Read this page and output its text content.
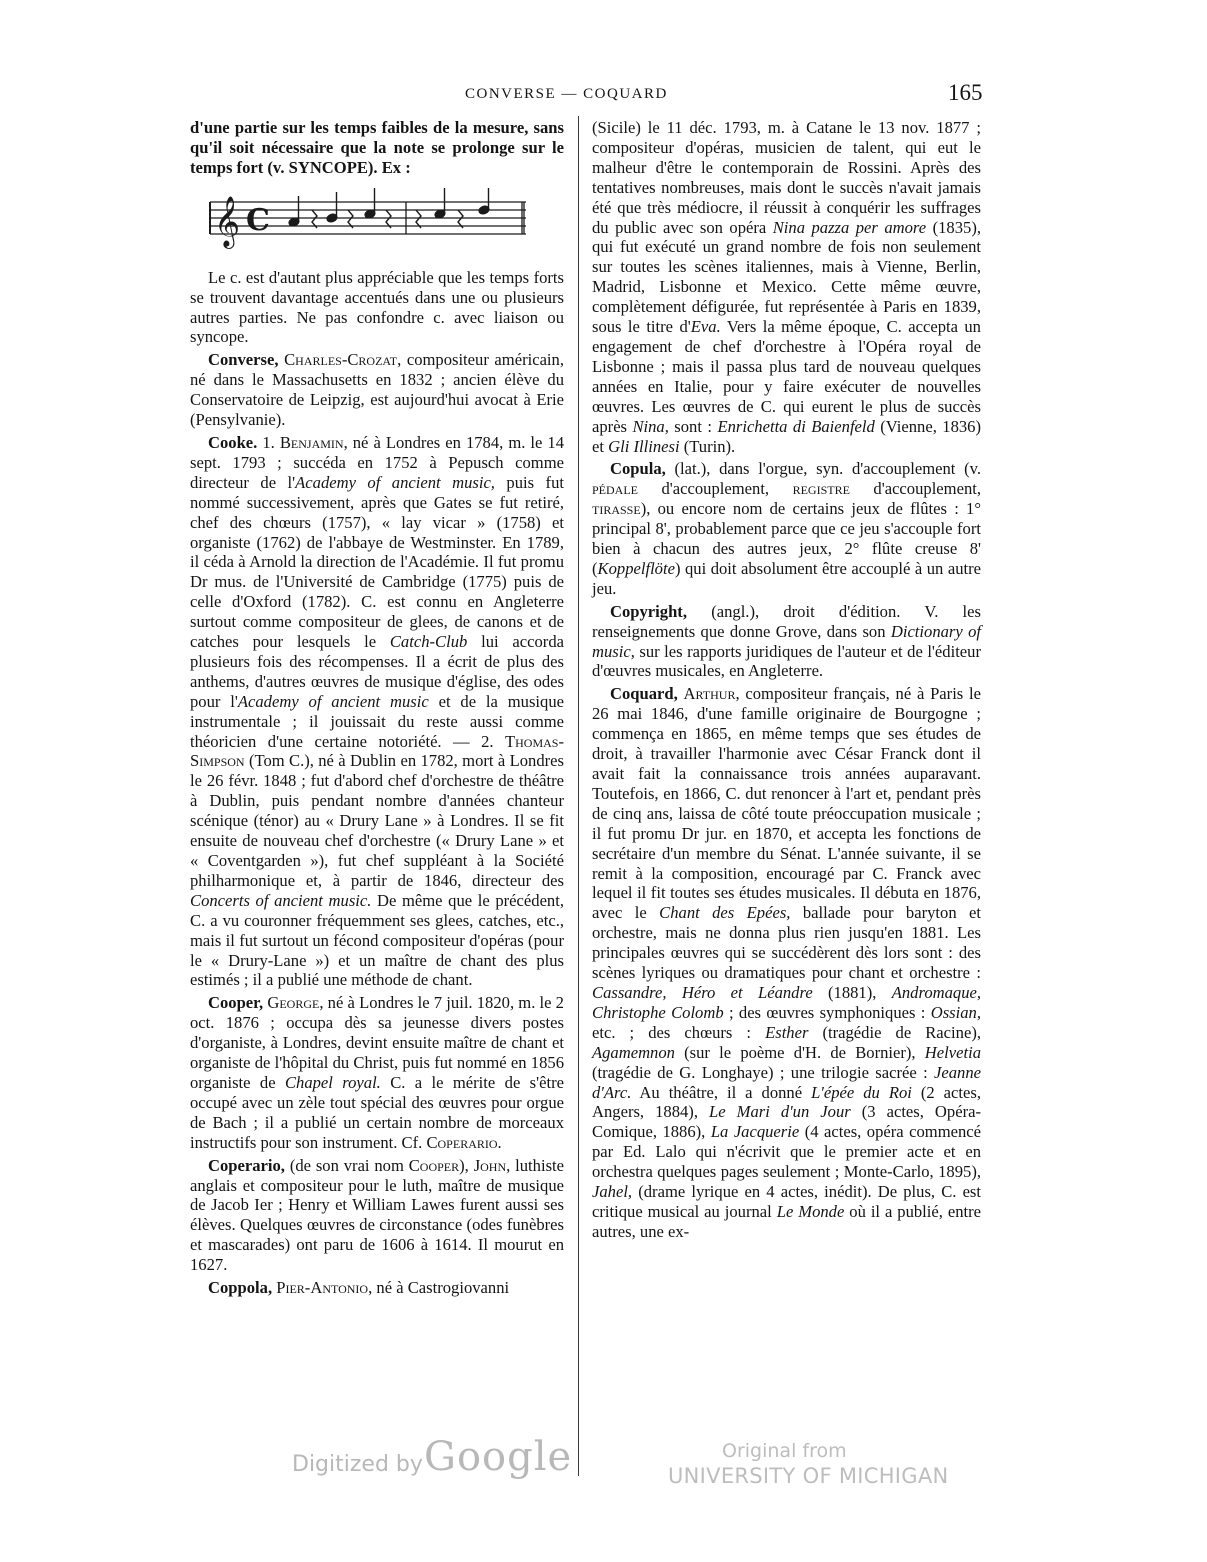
CONVERSE — COQUARD	165

d'une partie sur les temps faibles de la mesure, sans qu'il soit nécessaire que la note se prolonge sur le temps fort (v. SYNCOPE). Ex :

𝄞 C

Le c. est d'autant plus appréciable que les temps forts se trouvent davantage accentués dans une ou plusieurs autres parties. Ne pas confondre c. avec liaison ou syncope.

Converse, Charles-Crozat, compositeur américain, né dans le Massachusetts en 1832 ; ancien élève du Conservatoire de Leipzig, est aujourd'hui avocat à Erie (Pensylvanie).

Cooke. 1. Benjamin, né à Londres en 1784, m. le 14 sept. 1793 ; succéda en 1752 à Pepusch comme directeur de l'Academy of ancient music, puis fut nommé successivement, après que Gates se fut retiré, chef des chœurs (1757), « lay vicar » (1758) et organiste (1762) de l'abbaye de Westminster. En 1789, il céda à Arnold la direction de l'Académie. Il fut promu Dr mus. de l'Université de Cambridge (1775) puis de celle d'Oxford (1782). C. est connu en Angleterre surtout comme compositeur de glees, de canons et de catches pour lesquels le Catch-Club lui accorda plusieurs fois des récompenses. Il a écrit de plus des anthems, d'autres œuvres de musique d'église, des odes pour l'Academy of ancient music et de la musique instrumentale ; il jouissait du reste aussi comme théoricien d'une certaine notoriété. — 2. Thomas-Simpson (Tom C.), né à Dublin en 1782, mort à Londres le 26 févr. 1848 ; fut d'abord chef d'orchestre de théâtre à Dublin, puis pendant nombre d'années chanteur scénique (ténor) au « Drury Lane » à Londres. Il se fit ensuite de nouveau chef d'orchestre (« Drury Lane » et « Coventgarden »), fut chef suppléant à la Société philharmonique et, à partir de 1846, directeur des Concerts of ancient music. De même que le précédent, C. a vu couronner fréquemment ses glees, catches, etc., mais il fut surtout un fécond compositeur d'opéras (pour le « Drury-Lane ») et un maître de chant des plus estimés ; il a publié une méthode de chant.

Cooper, George, né à Londres le 7 juil. 1820, m. le 2 oct. 1876 ; occupa dès sa jeunesse divers postes d'organiste, à Londres, devint ensuite maître de chant et organiste de l'hôpital du Christ, puis fut nommé en 1856 organiste de Chapel royal. C. a le mérite de s'être occupé avec un zèle tout spécial des œuvres pour orgue de Bach ; il a publié un certain nombre de morceaux instructifs pour son instrument. Cf. Coperario.

Coperario, (de son vrai nom Cooper), John, luthiste anglais et compositeur pour le luth, maître de musique de Jacob Ier ; Henry et William Lawes furent aussi ses élèves. Quelques œuvres de circonstance (odes funèbres et mascarades) ont paru de 1606 à 1614. Il mourut en 1627.

Coppola, Pier-Antonio, né à Castrogiovanni

(Sicile) le 11 déc. 1793, m. à Catane le 13 nov. 1877 ; compositeur d'opéras, musicien de talent, qui eut le malheur d'être le contemporain de Rossini. Après des tentatives nombreuses, mais dont le succès n'avait jamais été que très médiocre, il réussit à conquérir les suffrages du public avec son opéra Nina pazza per amore (1835), qui fut exécuté un grand nombre de fois non seulement sur toutes les scènes italiennes, mais à Vienne, Berlin, Madrid, Lisbonne et Mexico. Cette même œuvre, complètement défigurée, fut représentée à Paris en 1839, sous le titre d'Eva. Vers la même époque, C. accepta un engagement de chef d'orchestre à l'Opéra royal de Lisbonne ; mais il passa plus tard de nouveau quelques années en Italie, pour y faire exécuter de nouvelles œuvres. Les œuvres de C. qui eurent le plus de succès après Nina, sont : Enrichetta di Baienfeld (Vienne, 1836) et Gli Illinesi (Turin).

Copula, (lat.), dans l'orgue, syn. d'accouplement (v. pédale d'accouplement, registre d'accouplement, tirasse), ou encore nom de certains jeux de flûtes : 1° principal 8', probablement parce que ce jeu s'accouple fort bien à chacun des autres jeux, 2° flûte creuse 8' (Koppelflöte) qui doit absolument être accouplé à un autre jeu.

Copyright, (angl.), droit d'édition. V. les renseignements que donne Grove, dans son Dictionary of music, sur les rapports juridiques de l'auteur et de l'éditeur d'œuvres musicales, en Angleterre.

Coquard, Arthur, compositeur français, né à Paris le 26 mai 1846, d'une famille originaire de Bourgogne ; commença en 1865, en même temps que ses études de droit, à travailler l'harmonie avec César Franck dont il avait fait la connaissance trois années auparavant. Toutefois, en 1866, C. dut renoncer à l'art et, pendant près de cinq ans, laissa de côté toute préoccupation musicale ; il fut promu Dr jur. en 1870, et accepta les fonctions de secrétaire d'un membre du Sénat. L'année suivante, il se remit à la composition, encouragé par C. Franck avec lequel il fit toutes ses études musicales. Il débuta en 1876, avec le Chant des Epées, ballade pour baryton et orchestre, mais ne donna plus rien jusqu'en 1881. Les principales œuvres qui se succédèrent dès lors sont : des scènes lyriques ou dramatiques pour chant et orchestre : Cassandre, Héro et Léandre (1881), Andromaque, Christophe Colomb ; des œuvres symphoniques : Ossian, etc. ; des chœurs : Esther (tragédie de Racine), Agamemnon (sur le poème d'H. de Bornier), Helvetia (tragédie de G. Longhaye) ; une trilogie sacrée : Jeanne d'Arc. Au théâtre, il a donné L'épée du Roi (2 actes, Angers, 1884), Le Mari d'un Jour (3 actes, Opéra-Comique, 1886), La Jacquerie (4 actes, opéra commencé par Ed. Lalo qui n'écrivit que le premier acte et en orchestra quelques pages seulement ; Monte-Carlo, 1895), Jahel, (drame lyrique en 4 actes, inédit). De plus, C. est critique musical au journal Le Monde où il a publié, entre autres, une ex-

Digitized by Google	Original from
UNIVERSITY OF MICHIGAN
